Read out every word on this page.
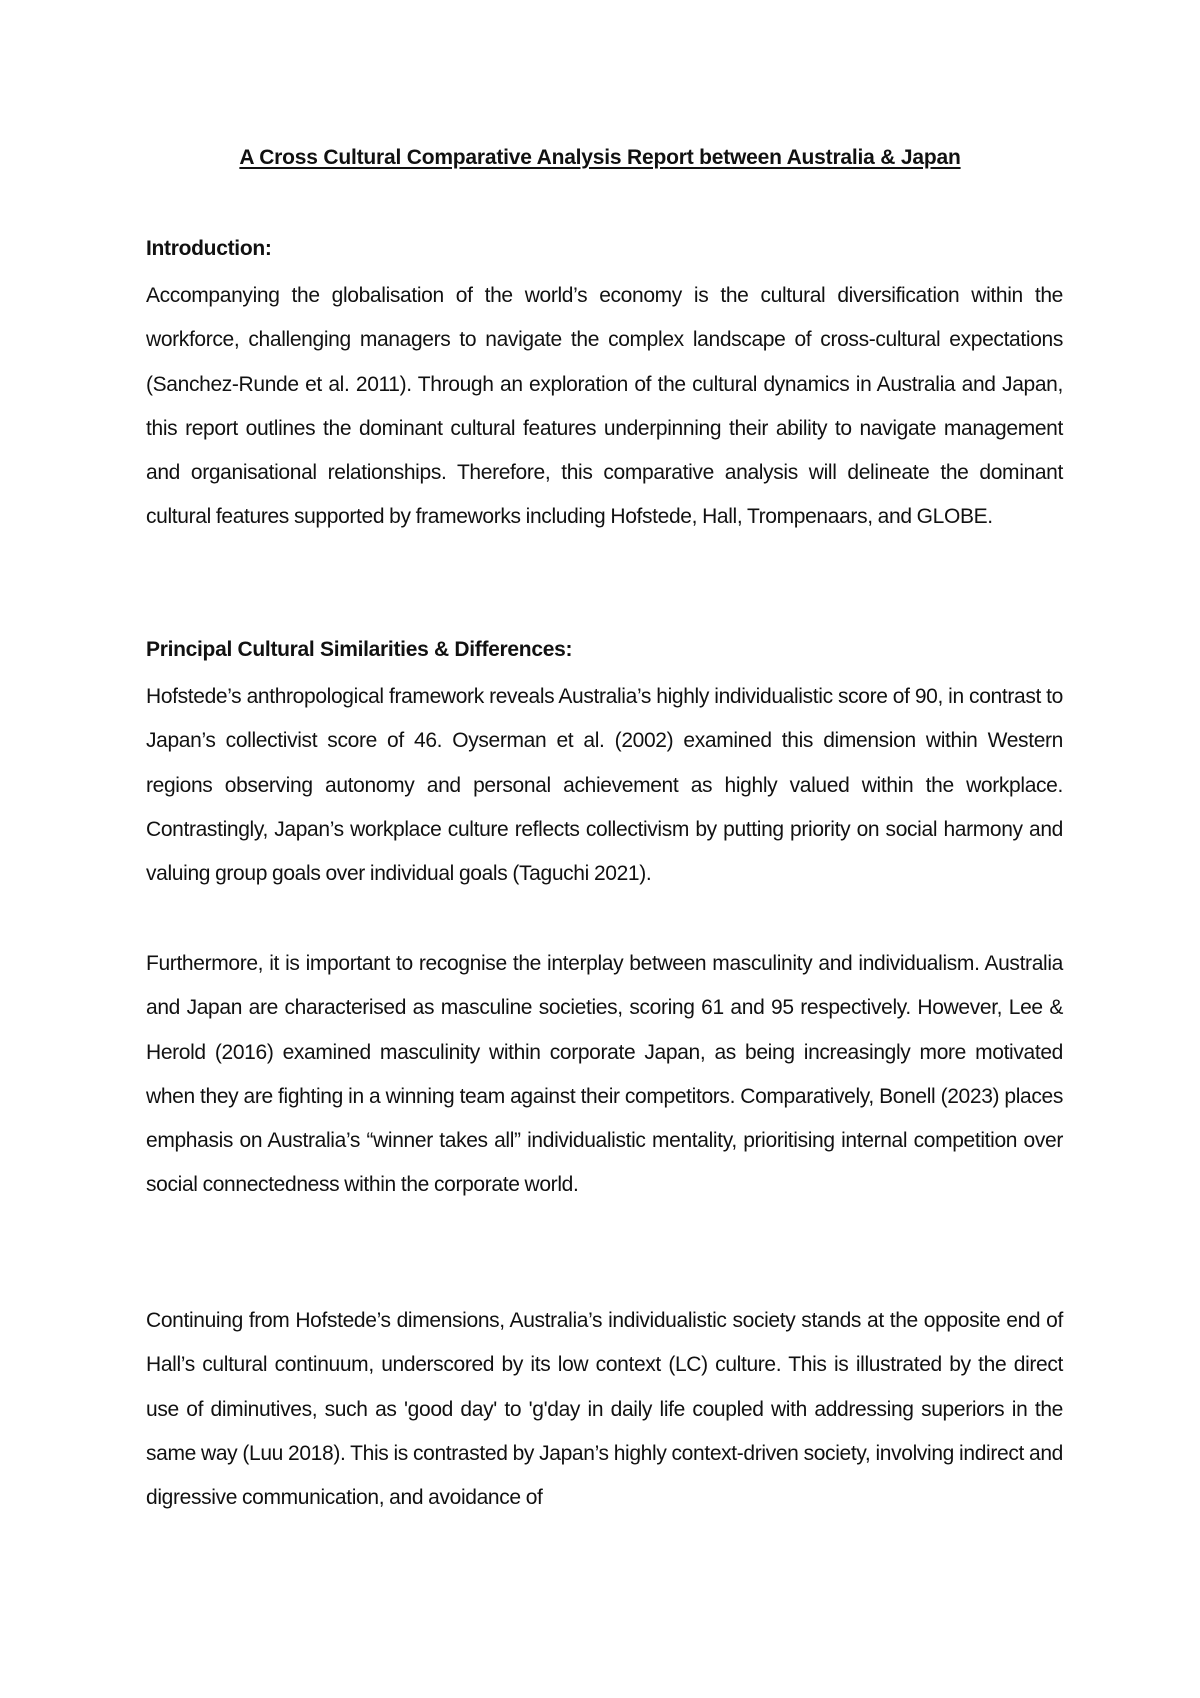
A Cross Cultural Comparative Analysis Report between Australia & Japan
Introduction:

Accompanying the globalisation of the world’s economy is the cultural diversification within the workforce, challenging managers to navigate the complex landscape of cross-cultural expectations (Sanchez-Runde et al. 2011). Through an exploration of the cultural dynamics in Australia and Japan, this report outlines the dominant cultural features underpinning their ability to navigate management and organisational relationships. Therefore, this comparative analysis will delineate the dominant cultural features supported by frameworks including Hofstede, Hall, Trompenaars, and GLOBE.

Principal Cultural Similarities & Differences:

Hofstede’s anthropological framework reveals Australia’s highly individualistic score of 90, in contrast to Japan’s collectivist score of 46. Oyserman et al. (2002) examined this dimension within Western regions observing autonomy and personal achievement as highly valued within the workplace. Contrastingly, Japan’s workplace culture reflects collectivism by putting priority on social harmony and valuing group goals over individual goals (Taguchi 2021).

Furthermore, it is important to recognise the interplay between masculinity and individualism. Australia and Japan are characterised as masculine societies, scoring 61 and 95 respectively. However, Lee & Herold (2016) examined masculinity within corporate Japan, as being increasingly more motivated when they are fighting in a winning team against their competitors. Comparatively, Bonell (2023) places emphasis on Australia’s “winner takes all” individualistic mentality, prioritising internal competition over social connectedness within the corporate world.

Continuing from Hofstede’s dimensions, Australia’s individualistic society stands at the opposite end of Hall’s cultural continuum, underscored by its low context (LC) culture. This is illustrated by the direct use of diminutives, such as 'good day' to 'g'day in daily life coupled with addressing superiors in the same way (Luu 2018). This is contrasted by Japan’s highly context-driven society, involving indirect and digressive communication, and avoidance of
